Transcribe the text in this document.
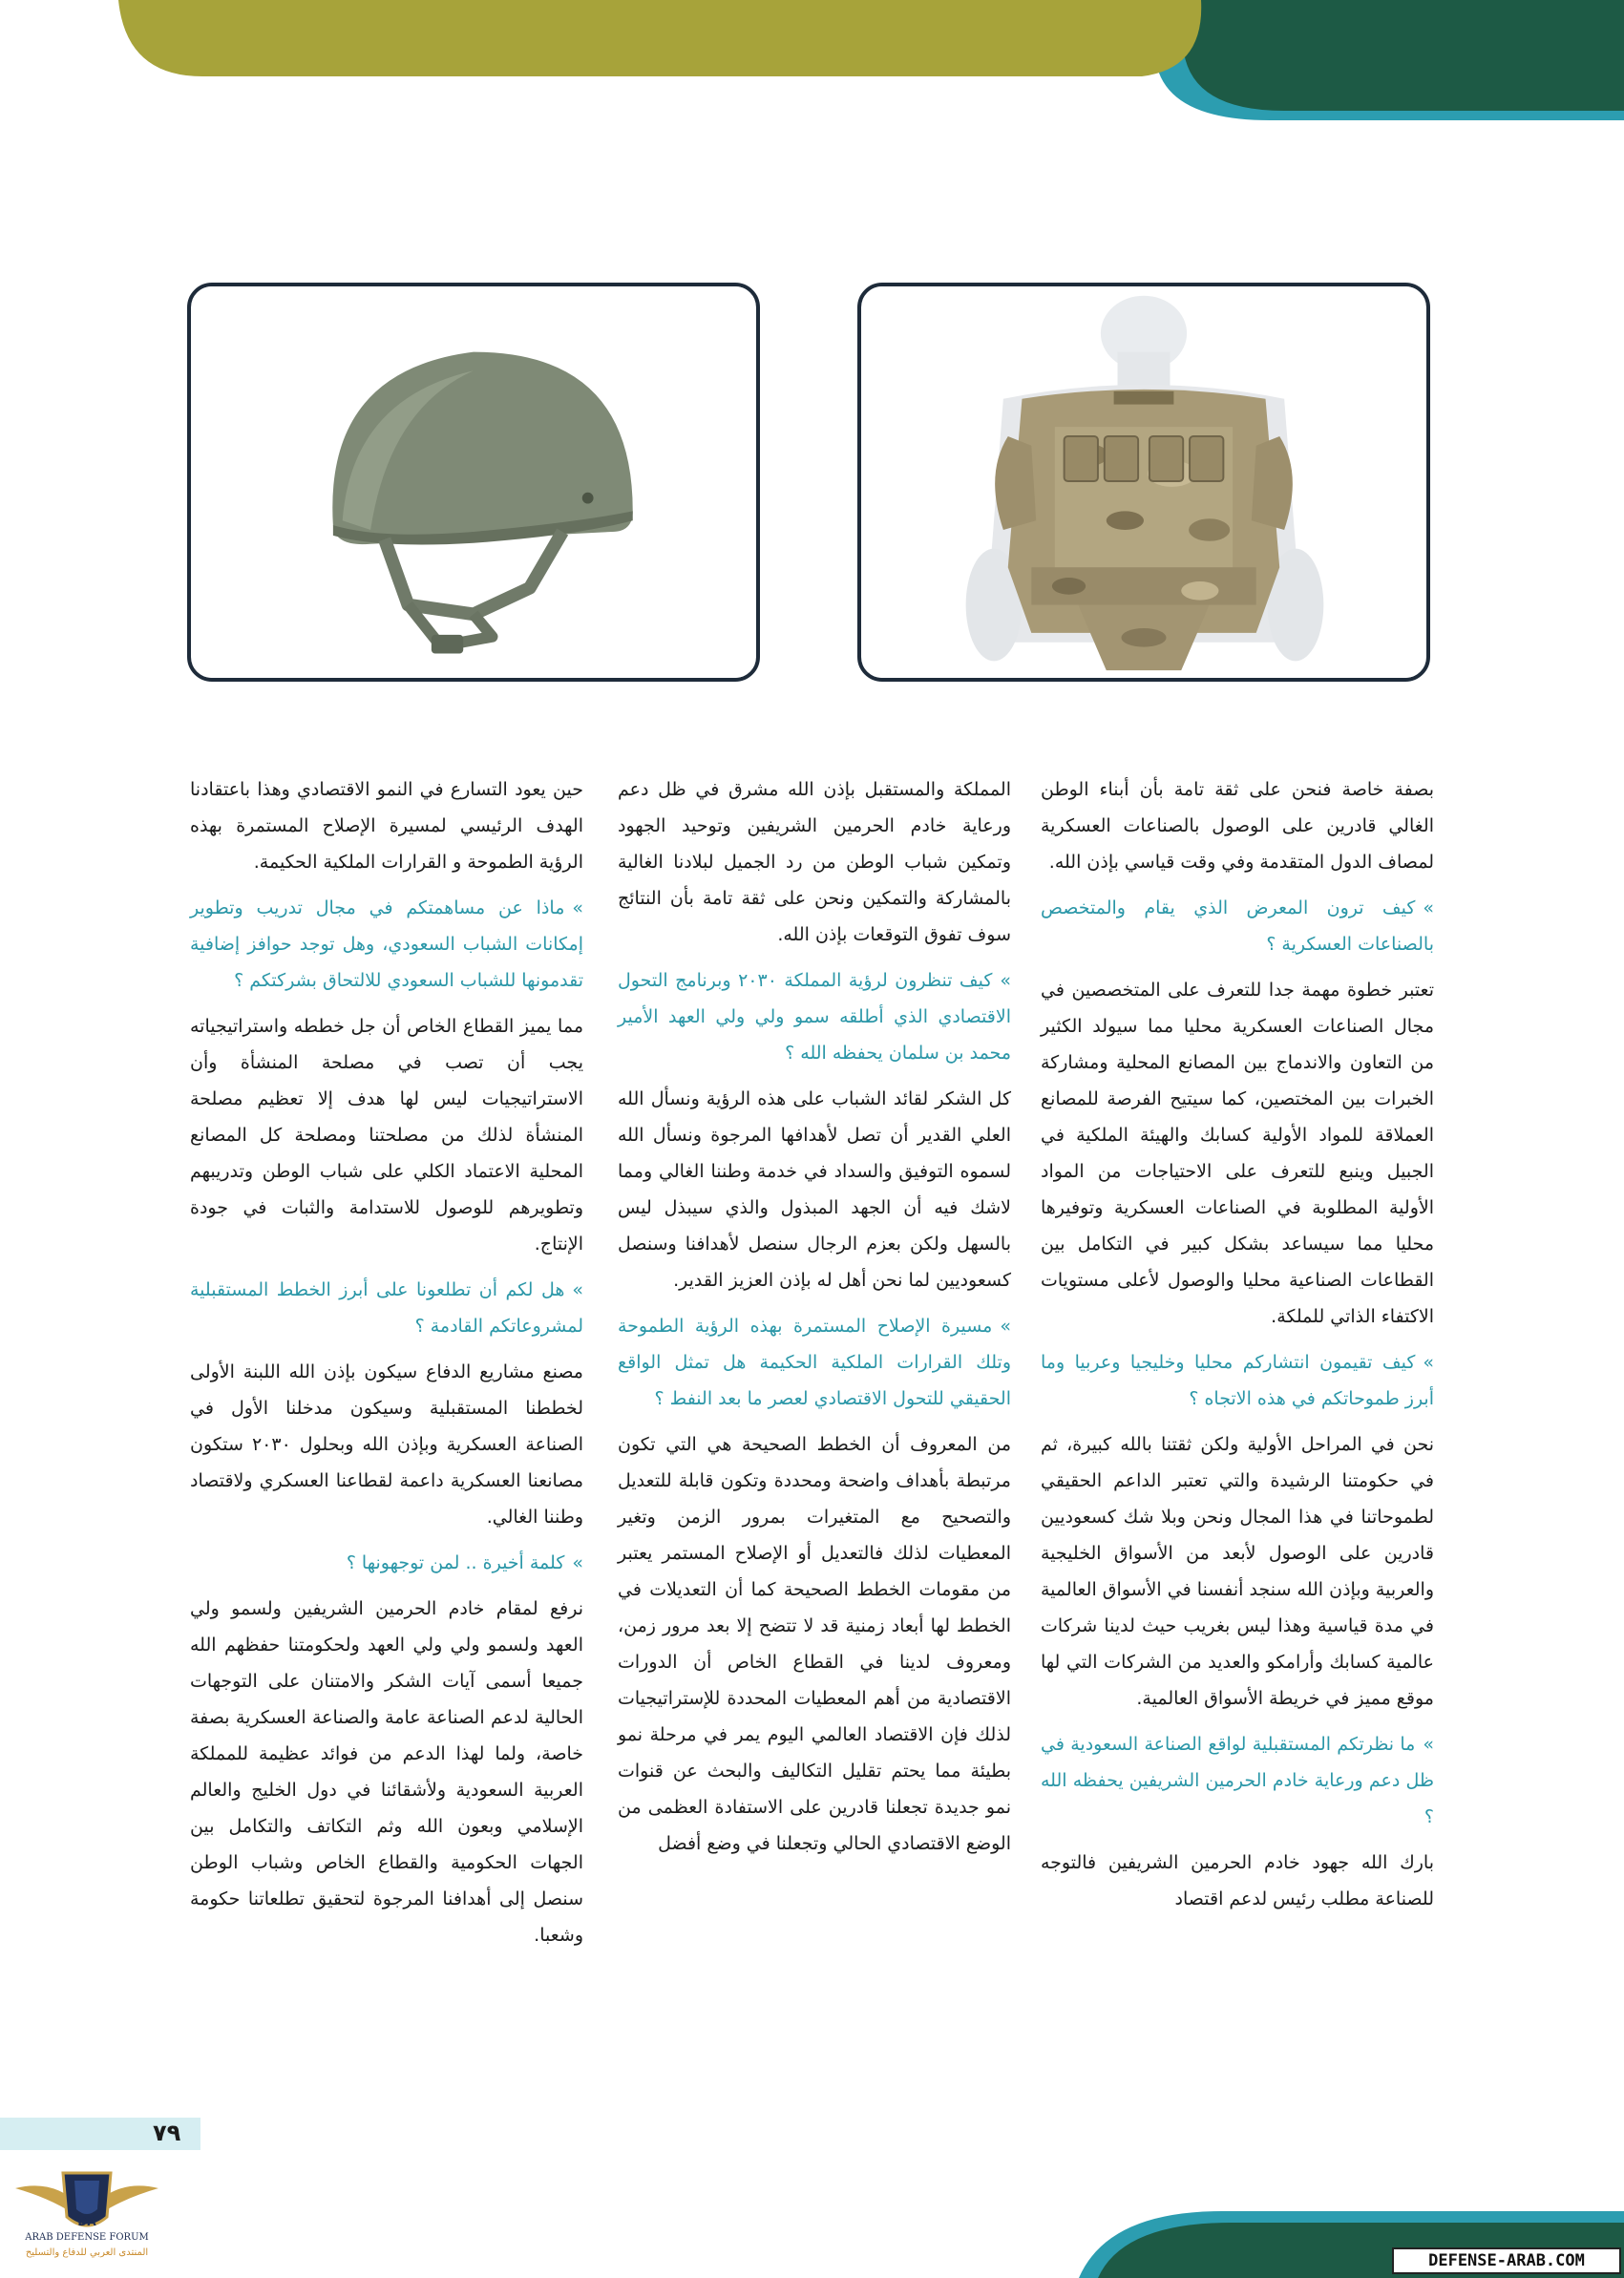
بصفة خاصة فنحن على ثقة تامة بأن أبناء الوطن الغالي قادرين على الوصول بالصناعات العسكرية لمصاف الدول المتقدمة وفي وقت قياسي بإذن الله.

»كيف ترون المعرض الذي يقام والمتخصص بالصناعات العسكرية ؟

تعتبر خطوة مهمة جدا للتعرف على المتخصصين في مجال الصناعات العسكرية محليا مما سيولد الكثير من التعاون والاندماج بين المصانع المحلية ومشاركة الخبرات بين المختصين، كما سيتيح الفرصة للمصانع العملاقة للمواد الأولية كسابك والهيئة الملكية في الجبيل وينبع للتعرف على الاحتياجات من المواد الأولية المطلوبة في الصناعات العسكرية وتوفيرها محليا مما سيساعد بشكل كبير في التكامل بين القطاعات الصناعية محليا والوصول لأعلى مستويات الاكتفاء الذاتي للملكة.

»كيف تقيمون انتشاركم محليا وخليجيا وعربيا وما أبرز طموحاتكم في هذه الاتجاه ؟

نحن في المراحل الأولية ولكن ثقتنا بالله كبيرة، ثم في حكومتنا الرشيدة والتي تعتبر الداعم الحقيقي لطموحاتنا في هذا المجال ونحن وبلا شك كسعوديين قادرين على الوصول لأبعد من الأسواق الخليجية والعربية وبإذن الله سنجد أنفسنا في الأسواق العالمية في مدة قياسية وهذا ليس بغريب حيث لدينا شركات عالمية كسابك وأرامكو والعديد من الشركات التي لها موقع مميز في خريطة الأسواق العالمية.

»ما نظرتكم المستقبلية لواقع الصناعة السعودية في ظل دعم ورعاية خادم الحرمين الشريفين يحفظه الله ؟

بارك الله جهود خادم الحرمين الشريفين فالتوجه للصناعة مطلب رئيس لدعم اقتصاد

المملكة والمستقبل بإذن الله مشرق في ظل دعم ورعاية خادم الحرمين الشريفين وتوحيد الجهود وتمكين شباب الوطن من رد الجميل لبلادنا الغالية بالمشاركة والتمكين ونحن على ثقة تامة بأن النتائج سوف تفوق التوقعات بإذن الله.

»كيف تنظرون لرؤية المملكة ٢٠٣٠ وبرنامج التحول الاقتصادي الذي أطلقه سمو ولي ولي العهد الأمير محمد بن سلمان يحفظه الله ؟

كل الشكر لقائد الشباب على هذه الرؤية ونسأل الله العلي القدير أن تصل لأهدافها المرجوة ونسأل الله لسموه التوفيق والسداد في خدمة وطننا الغالي ومما لاشك فيه أن الجهد المبذول والذي سيبذل ليس بالسهل ولكن بعزم الرجال سنصل لأهدافنا وسنصل كسعوديين لما نحن أهل له بإذن العزيز القدير.

»مسيرة الإصلاح المستمرة بهذه الرؤية الطموحة وتلك القرارات الملكية الحكيمة هل تمثل الواقع الحقيقي للتحول الاقتصادي لعصر ما بعد النفط ؟

من المعروف أن الخطط الصحيحة هي التي تكون مرتبطة بأهداف واضحة ومحددة وتكون قابلة للتعديل والتصحيح مع المتغيرات بمرور الزمن وتغير المعطيات لذلك فالتعديل أو الإصلاح المستمر يعتبر من مقومات الخطط الصحيحة كما أن التعديلات في الخطط لها أبعاد زمنية قد لا تتضح إلا بعد مرور زمن، ومعروف لدينا في القطاع الخاص أن الدورات الاقتصادية من أهم المعطيات المحددة للإستراتيجيات لذلك فإن الاقتصاد العالمي اليوم يمر في مرحلة نمو بطيئة مما يحتم تقليل التكاليف والبحث عن قنوات نمو جديدة تجعلنا قادرين على الاستفادة العظمى من الوضع الاقتصادي الحالي وتجعلنا في وضع أفضل

حين يعود التسارع في النمو الاقتصادي وهذا باعتقادنا الهدف الرئيسي لمسيرة الإصلاح المستمرة بهذه الرؤية الطموحة و القرارات الملكية الحكيمة.

»ماذا عن مساهمتكم في مجال تدريب وتطوير إمكانات الشباب السعودي، وهل توجد حوافز إضافية تقدمونها للشباب السعودي للالتحاق بشركتكم ؟

مما يميز القطاع الخاص أن جل خططه واستراتيجياته يجب أن تصب في مصلحة المنشأة وأن الاستراتيجيات ليس لها هدف إلا تعظيم مصلحة المنشأة لذلك من مصلحتنا ومصلحة كل المصانع المحلية الاعتماد الكلي على شباب الوطن وتدريبهم وتطويرهم للوصول للاستدامة والثبات في جودة الإنتاج.

»هل لكم أن تطلعونا على أبرز الخطط المستقبلية لمشروعاتكم القادمة ؟

مصنع مشاريع الدفاع سيكون بإذن الله اللبنة الأولى لخططنا المستقبلية وسيكون مدخلنا الأول في الصناعة العسكرية وبإذن الله وبحلول ٢٠٣٠ ستكون مصانعنا العسكرية داعمة لقطاعنا العسكري ولاقتصاد وطننا الغالي.

»كلمة أخيرة .. لمن توجهونها ؟

نرفع لمقام خادم الحرمين الشريفين ولسمو ولي العهد ولسمو ولي ولي العهد ولحكومتنا حفظهم الله جميعا أسمى آيات الشكر والامتنان على التوجهات الحالية لدعم الصناعة عامة والصناعة العسكرية بصفة خاصة، ولما لهذا الدعم من فوائد عظيمة للمملكة العربية السعودية ولأشقائنا في دول الخليج والعالم الإسلامي وبعون الله وثم التكاتف والتكامل بين الجهات الحكومية والقطاع الخاص وشباب الوطن سنصل إلى أهدافنا المرجوة لتحقيق تطلعاتنا حكومة وشعبا.

٧٩
DA
ARAB DEFENSE FORUM
المنتدى العربي للدفاع والتسليح	DEFENSE-ARAB.COM
